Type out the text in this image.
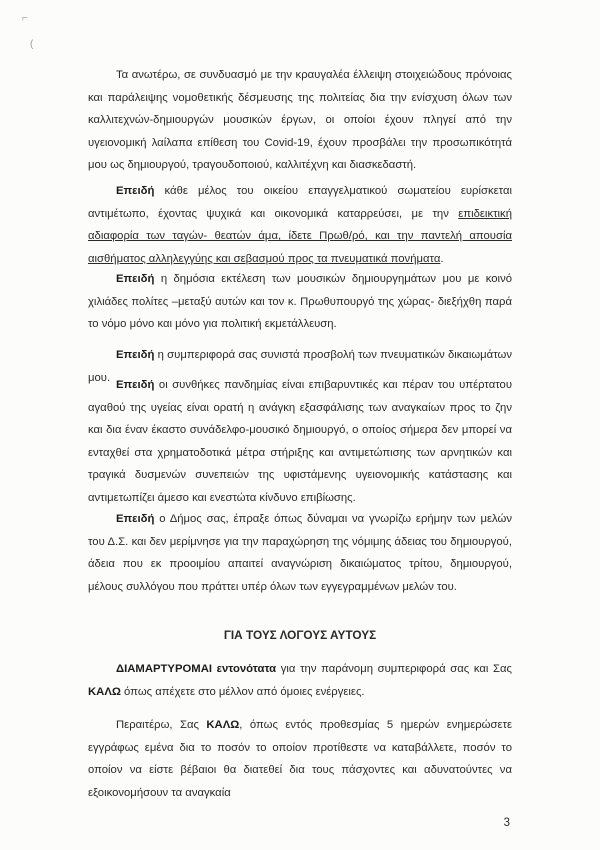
⌐
(
Τα ανωτέρω, σε συνδυασμό με την κραυγαλέα έλλειψη στοιχειώδους πρόνοιας και παράλειψης νομοθετικής δέσμευσης της πολιτείας δια την ενίσχυση όλων των καλλιτεχνών-δημιουργών μουσικών έργων, οι οποίοι έχουν πληγεί από την υγειονομική λαίλαπα επίθεση του Covid-19, έχουν προσβάλει την προσωπικότητά μου ως δημιουργού, τραγουδοποιού, καλλιτέχνη και διασκεδαστή.
Επειδή κάθε μέλος του οικείου επαγγελματικού σωματείου ευρίσκεται αντιμέτωπο, έχοντας ψυχικά και οικονομικά καταρρεύσει, με την επιδεικτική αδιαφορία των ταγών- θεατών άμα, ίδετε Πρωθ/ρό, και την παντελή απουσία αισθήματος αλληλεγγύης και σεβασμού προς τα πνευματικά πονήματα.
Επειδή η δημόσια εκτέλεση των μουσικών δημιουργημάτων μου με κοινό χιλιάδες πολίτες –μεταξύ αυτών και τον κ. Πρωθυπουργό της χώρας- διεξήχθη παρά το νόμο μόνο και μόνο για πολιτική εκμετάλλευση.
Επειδή η συμπεριφορά σας συνιστά προσβολή των πνευματικών δικαιωμάτων μου.
Επειδή οι συνθήκες πανδημίας είναι επιβαρυντικές και πέραν του υπέρτατου αγαθού της υγείας είναι ορατή η ανάγκη εξασφάλισης των αναγκαίων προς το ζην και δια έναν έκαστο συνάδελφο-μουσικό δημιουργό, ο οποίος σήμερα δεν μπορεί να ενταχθεί στα χρηματοδοτικά μέτρα στήριξης και αντιμετώπισης των αρνητικών και τραγικά δυσμενών συνεπειών της υφιστάμενης υγειονομικής κατάστασης και αντιμετωπίζει άμεσο και ενεστώτα κίνδυνο επιβίωσης.
Επειδή ο Δήμος σας, έπραξε όπως δύναμαι να γνωρίζω ερήμην των μελών του Δ.Σ. και δεν μερίμνησε για την παραχώρηση της νόμιμης άδειας του δημιουργού, άδεια που εκ προοιμίου απαιτεί αναγνώριση δικαιώματος τρίτου, δημιουργού, μέλους συλλόγου που πράττει υπέρ όλων των εγγεγραμμένων μελών του.
ΓΙΑ ΤΟΥΣ ΛΟΓΟΥΣ ΑΥΤΟΥΣ
ΔΙΑΜΑΡΤΥΡΟΜΑΙ εντονότατα για την παράνομη συμπεριφορά σας και Σας ΚΑΛΩ όπως απέχετε στο μέλλον από όμοιες ενέργειες.
Περαιτέρω, Σας ΚΑΛΩ, όπως εντός προθεσμίας 5 ημερών ενημερώσετε εγγράφως εμένα δια το ποσόν το οποίον προτίθεστε να καταβάλλετε, ποσόν το οποίον να είστε βέβαιοι θα διατεθεί δια τους πάσχοντες και αδυνατούντες να εξοικονομήσουν τα αναγκαία
3
